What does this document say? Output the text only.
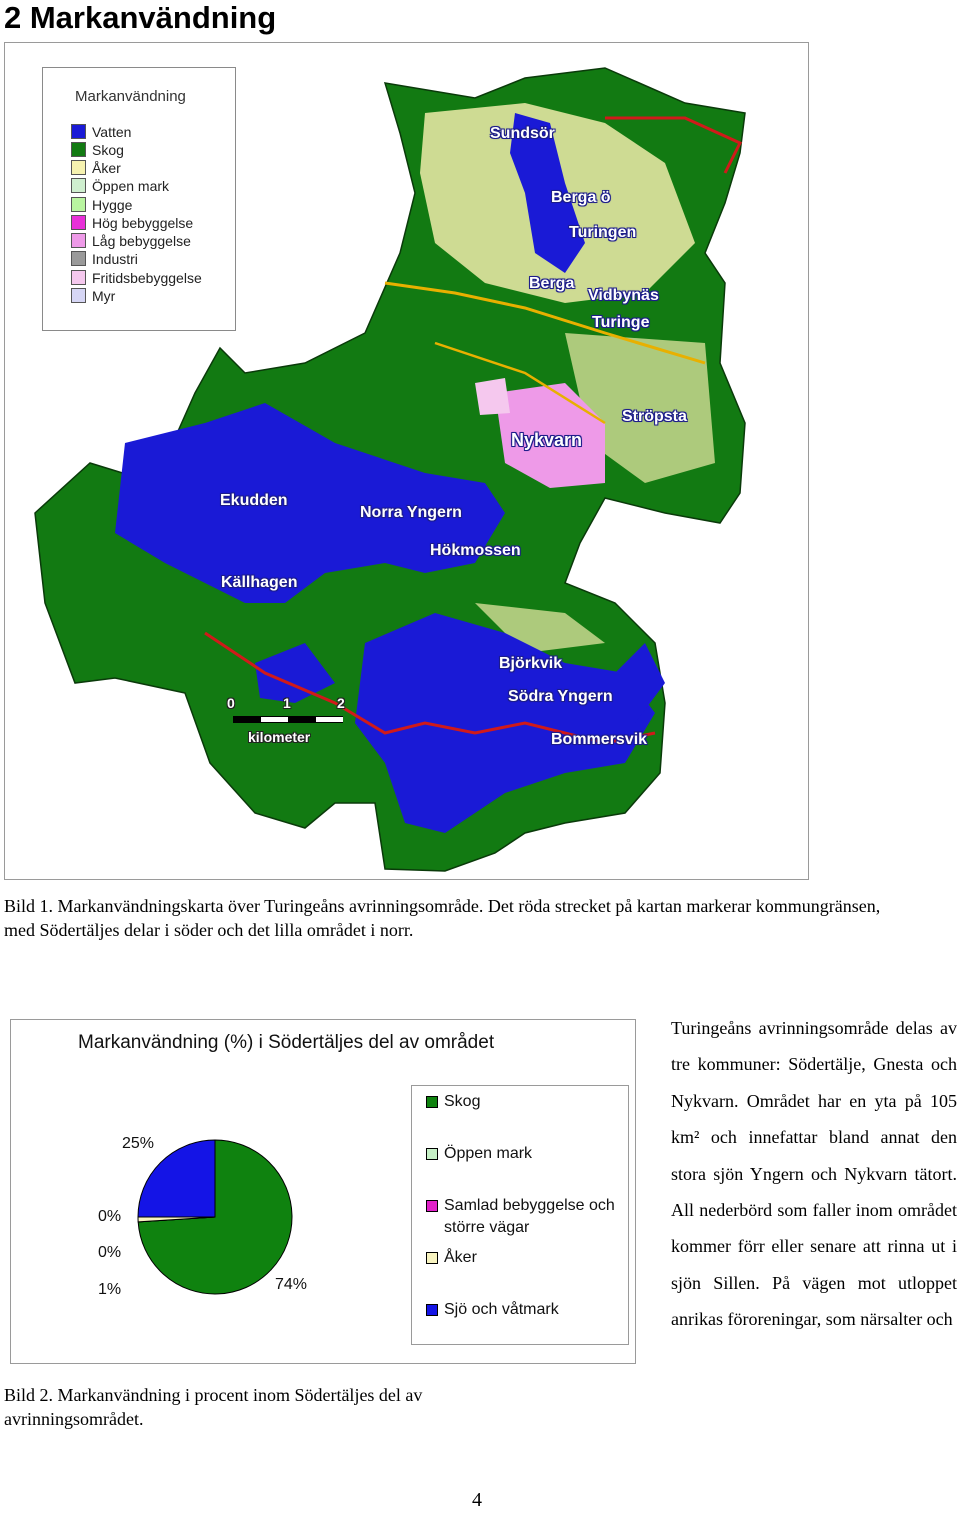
2 Markanvändning
Markanvändning
Vatten
Skog
Åker
Öppen mark
Hygge
Hög bebyggelse
Låg bebyggelse
Industri
Fritidsbebyggelse
Myr
Sundsör
Berga ö
Turingen
Berga
Vidbynäs
Turinge
Ströpsta
Nykvarn
Ekudden
Norra Yngern
Hökmossen
Källhagen
Björkvik
Södra Yngern
Bommersvik
0	1	2
kilometer
Bild 1. Markanvändningskarta över Turingeåns avrinningsområde. Det röda strecket på kartan markerar kommungränsen, med Södertäljes delar i söder och det lilla området i norr.
Markanvändning (%) i Södertäljes del av området
25%
0%
0%
1%	74%
Skog
Öppen mark
Samlad bebyggelse och större vägar
Åker
Sjö och våtmark
Bild 2. Markanvändning i procent inom Södertäljes del av avrinningsområdet.

Turingeåns avrinningsområde delas av tre kommuner: Södertälje, Gnesta och Nykvarn. Området har en yta på 105 km² och innefattar bland annat den stora sjön Yngern och Nykvarn tätort. All nederbörd som faller inom området kommer förr eller senare att rinna ut i sjön Sillen. På vägen mot utloppet anrikas föroreningar, som närsalter och

4
